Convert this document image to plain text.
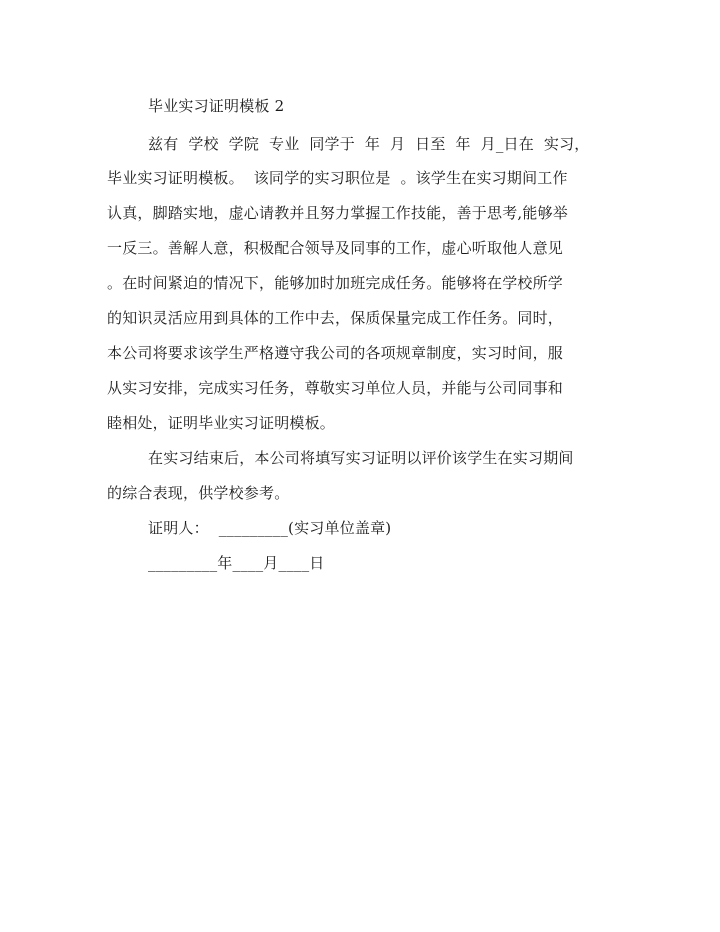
毕业实习证明模板 2
兹有  学校  学院  专业  同学于  年  月  日至  年  月_日在  实习，
毕业实习证明模板。  该同学的实习职位是  。该学生在实习期间工作
认真，脚踏实地，虚心请教并且努力掌握工作技能，善于思考,能够举
一反三。善解人意，积极配合领导及同事的工作，虚心听取他人意见
。在时间紧迫的情况下，能够加时加班完成任务。能够将在学校所学
的知识灵活应用到具体的工作中去，保质保量完成工作任务。同时，
本公司将要求该学生严格遵守我公司的各项规章制度，实习时间，服
从实习安排，完成实习任务，尊敬实习单位人员，并能与公司同事和
睦相处，证明毕业实习证明模板。
在实习结束后，本公司将填写实习证明以评价该学生在实习期间
的综合表现，供学校参考。
证明人：  _________(实习单位盖章)
_________年____月____日
